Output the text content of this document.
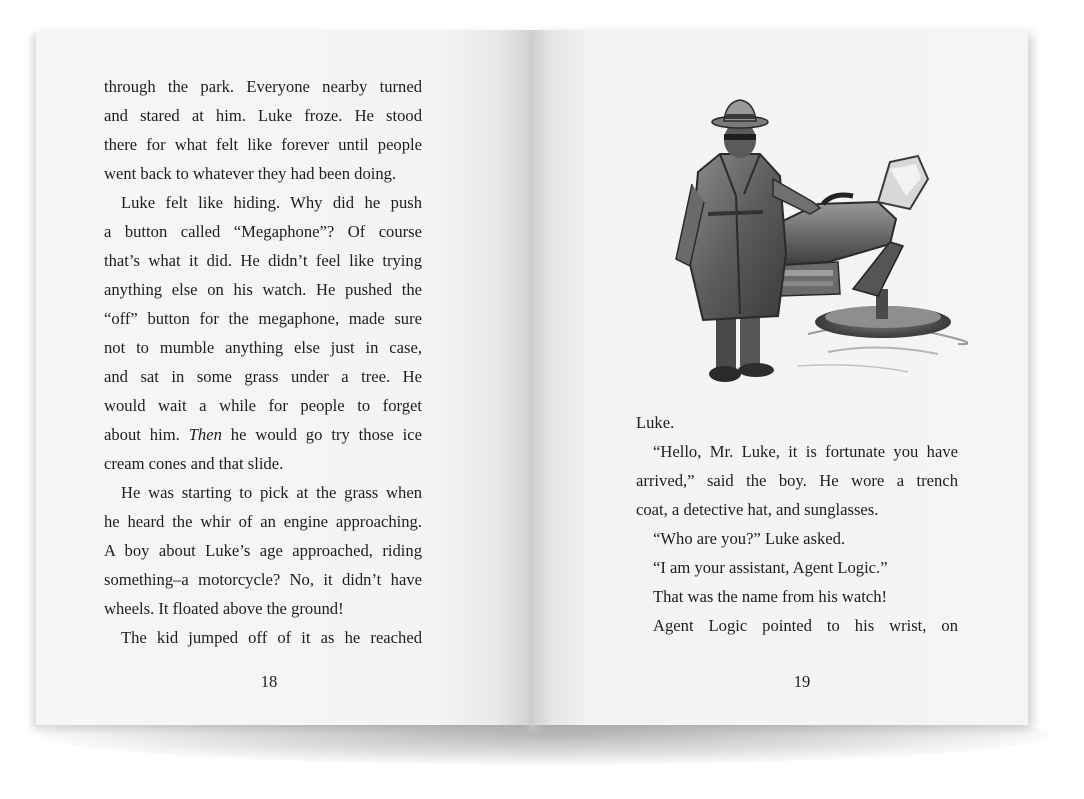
through the park. Everyone nearby turned

and stared at him. Luke froze. He stood

there for what felt like forever until people

went back to whatever they had been doing.

Luke felt like hiding. Why did he push

a button called “Megaphone”? Of course

that’s what it did. He didn’t feel like trying

anything else on his watch. He pushed the

“off” button for the megaphone, made sure

not to mumble anything else just in case,

and sat in some grass under a tree. He

would wait a while for people to forget

about him. Then he would go try those ice

cream cones and that slide.

He was starting to pick at the grass when

he heard the whir of an engine approaching.

A boy about Luke’s age approached, riding

something–a motorcycle? No, it didn’t have

wheels. It floated above the ground!

The kid jumped off of it as he reached

18

Luke.

“Hello, Mr. Luke, it is fortunate you have

arrived,” said the boy. He wore a trench

coat, a detective hat, and sunglasses.

“Who are you?” Luke asked.

“I am your assistant, Agent Logic.”

That was the name from his watch!

Agent Logic pointed to his wrist, on

19
